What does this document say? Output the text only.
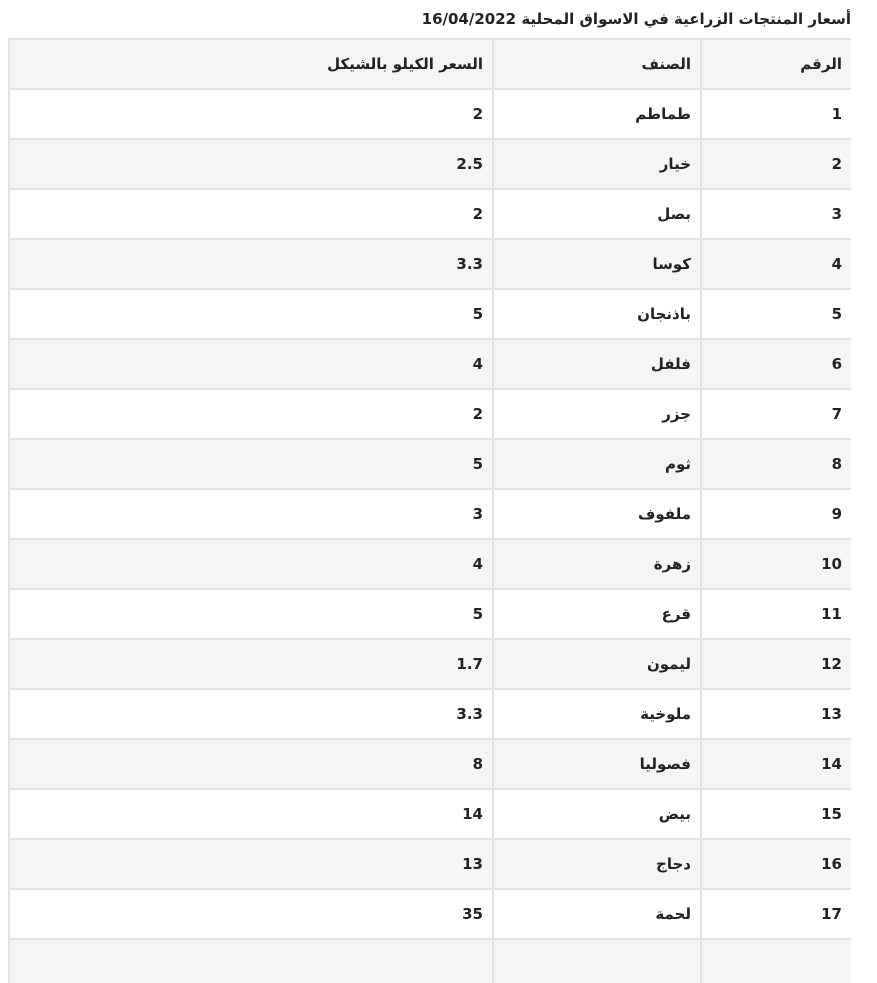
أسعار المنتجات الزراعية في الاسواق المحلية 16/04/2022
الرقم	الصنف	السعر الكيلو بالشيكل
1	طماطم	2
2	خيار	2.5
3	بصل	2
4	كوسا	3.3
5	باذنجان	5
6	فلفل	4
7	جزر	2
8	ثوم	5
9	ملفوف	3
10	زهرة	4
11	قرع	5
12	ليمون	1.7
13	ملوخية	3.3
14	فصوليا	8
15	بيض	14
16	دجاج	13
17	لحمة	35
